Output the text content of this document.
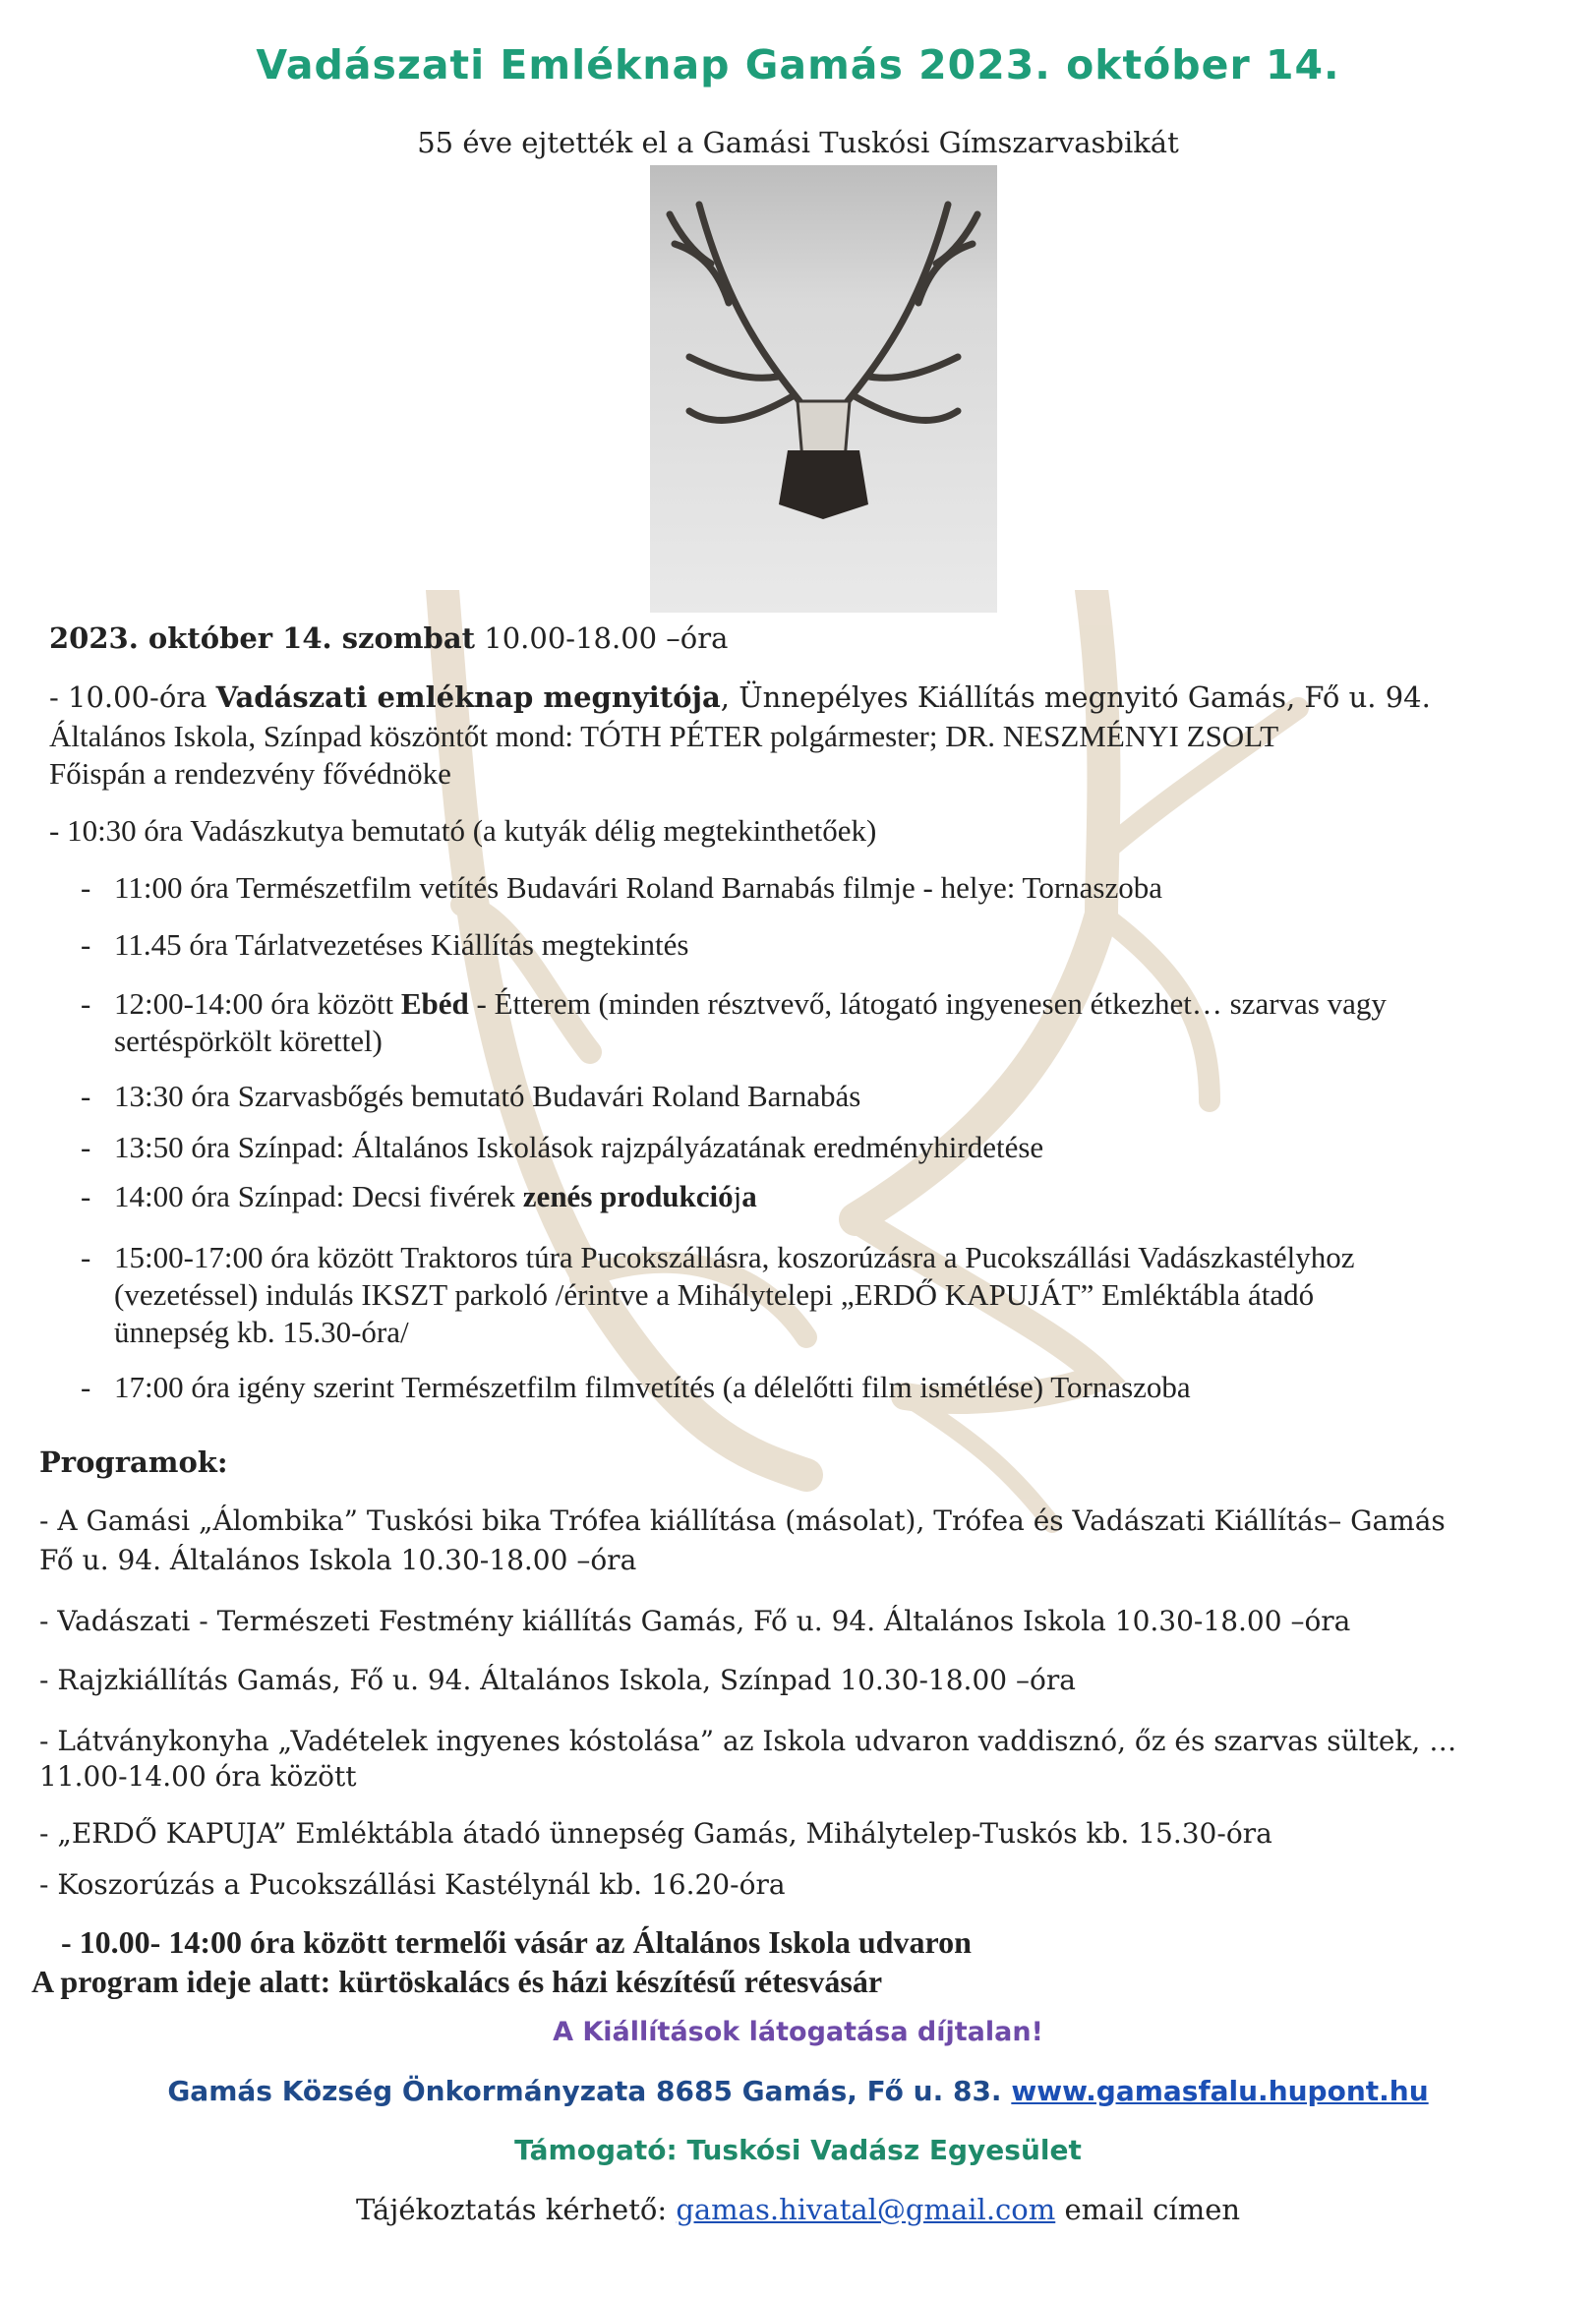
Vadászati Emléknap Gamás 2023. október 14.
55 éve ejtették el a Gamási Tuskósi Gímszarvasbikát
2023. október 14. szombat 10.00-18.00 –óra
- 10.00-óra Vadászati emléknap megnyitója, Ünnepélyes Kiállítás megnyitó Gamás, Fő u. 94.
Általános Iskola, Színpad köszöntőt mond: TÓTH PÉTER polgármester; DR. NESZMÉNYI ZSOLT
Főispán a rendezvény fővédnöke
- 10:30 óra Vadászkutya bemutató (a kutyák délig megtekinthetőek)
- 11:00 óra Természetfilm vetítés Budavári Roland Barnabás filmje - helye: Tornaszoba
- 11.45 óra Tárlatvezetéses Kiállítás megtekintés
- 12:00-14:00 óra között Ebéd - Étterem (minden résztvevő, látogató ingyenesen étkezhet… szarvas vagy
sertéspörkölt körettel)
- 13:30 óra Szarvasbőgés bemutató Budavári Roland Barnabás
- 13:50 óra Színpad: Általános Iskolások rajzpályázatának eredményhirdetése
- 14:00 óra Színpad: Decsi fivérek zenés produkciója
- 15:00-17:00 óra között Traktoros túra Pucokszállásra, koszorúzásra a Pucokszállási Vadászkastélyhoz
(vezetéssel) indulás IKSZT parkoló /érintve a Mihálytelepi „ERDŐ KAPUJÁT” Emléktábla átadó
ünnepség kb. 15.30-óra/
- 17:00 óra igény szerint Természetfilm filmvetítés (a délelőtti film ismétlése) Tornaszoba
Programok:
- A Gamási „Álombika” Tuskósi bika Trófea kiállítása (másolat), Trófea és Vadászati Kiállítás– Gamás
Fő u. 94. Általános Iskola 10.30-18.00 –óra
- Vadászati - Természeti Festmény kiállítás Gamás, Fő u. 94. Általános Iskola 10.30-18.00 –óra
- Rajzkiállítás Gamás, Fő u. 94. Általános Iskola, Színpad 10.30-18.00 –óra
- Látványkonyha „Vadételek ingyenes kóstolása” az Iskola udvaron vaddisznó, őz és szarvas sültek, …
11.00-14.00 óra között
- „ERDŐ KAPUJA” Emléktábla átadó ünnepség Gamás, Mihálytelep-Tuskós kb. 15.30-óra
- Koszorúzás a Pucokszállási Kastélynál kb. 16.20-óra
- 10.00- 14:00 óra között termelői vásár az Általános Iskola udvaron
A program ideje alatt: kürtöskalács és házi készítésű rétesvásár
A Kiállítások látogatása díjtalan!
Gamás Község Önkormányzata 8685 Gamás, Fő u. 83. www.gamasfalu.hupont.hu
Támogató: Tuskósi Vadász Egyesület
Tájékoztatás kérhető: gamas.hivatal@gmail.com email címen
